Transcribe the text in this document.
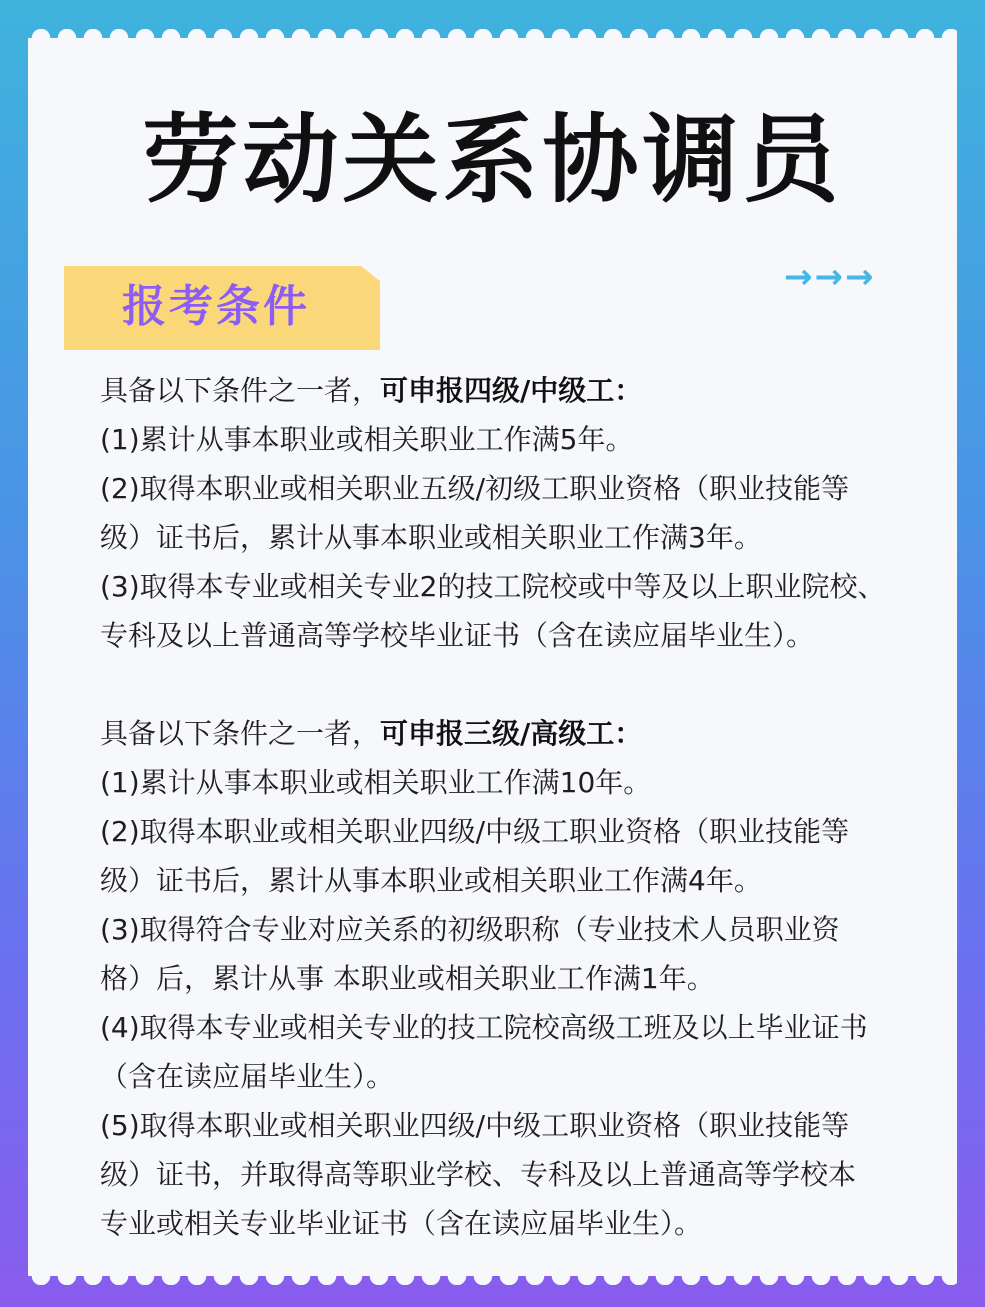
劳动关系协调员
报考条件
→→→
具备以下条件之一者，可申报四级/中级工：
(1)累计从事本职业或相关职业工作满5年。
(2)取得本职业或相关职业五级/初级工职业资格（职业技能等
级）证书后，累计从事本职业或相关职业工作满3年。
(3)取得本专业或相关专业2的技工院校或中等及以上职业院校、
专科及以上普通高等学校毕业证书（含在读应届毕业生）。
具备以下条件之一者，可申报三级/高级工：
(1)累计从事本职业或相关职业工作满10年。
(2)取得本职业或相关职业四级/中级工职业资格（职业技能等
级）证书后，累计从事本职业或相关职业工作满4年。
(3)取得符合专业对应关系的初级职称（专业技术人员职业资
格）后，累计从事 本职业或相关职业工作满1年。
(4)取得本专业或相关专业的技工院校高级工班及以上毕业证书
（含在读应届毕业生）。
(5)取得本职业或相关职业四级/中级工职业资格（职业技能等
级）证书，并取得高等职业学校、专科及以上普通高等学校本
专业或相关专业毕业证书（含在读应届毕业生）。
